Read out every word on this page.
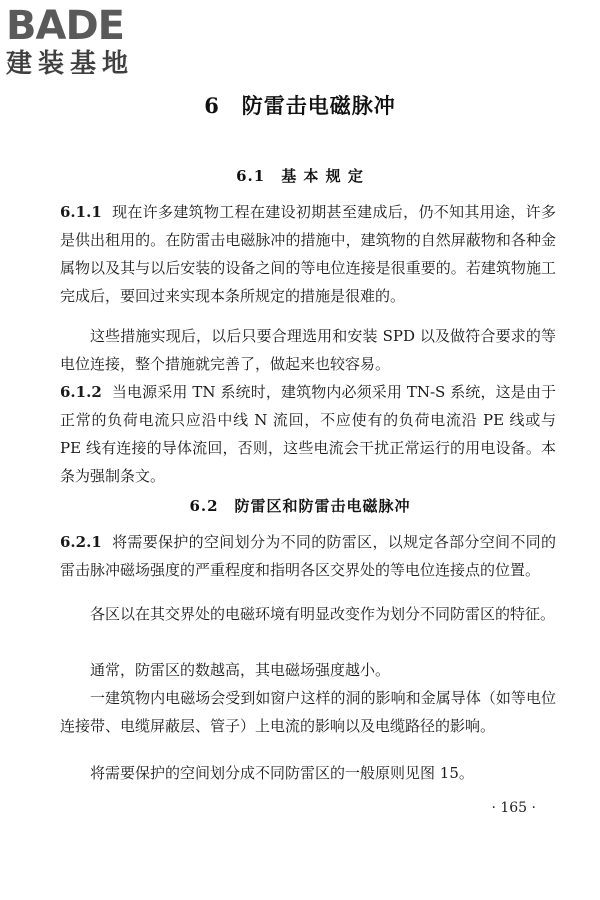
BADE
建装基地
6　防雷击电磁脉冲
6.1　基 本 规 定

6.1.1 现在许多建筑物工程在建设初期甚至建成后，仍不知其用途，许多是供出租用的。在防雷击电磁脉冲的措施中，建筑物的自然屏蔽物和各种金属物以及其与以后安装的设备之间的等电位连接是很重要的。若建筑物施工完成后，要回过来实现本条所规定的措施是很难的。

这些措施实现后，以后只要合理选用和安装 SPD 以及做符合要求的等电位连接，整个措施就完善了，做起来也较容易。

6.1.2 当电源采用 TN 系统时，建筑物内必须采用 TN-S 系统，这是由于正常的负荷电流只应沿中线 N 流回，不应使有的负荷电流沿 PE 线或与 PE 线有连接的导体流回，否则，这些电流会干扰正常运行的用电设备。本条为强制条文。

6.2　防雷区和防雷击电磁脉冲

6.2.1 将需要保护的空间划分为不同的防雷区，以规定各部分空间不同的雷击脉冲磁场强度的严重程度和指明各区交界处的等电位连接点的位置。

各区以在其交界处的电磁环境有明显改变作为划分不同防雷区的特征。

通常，防雷区的数越高，其电磁场强度越小。

一建筑物内电磁场会受到如窗户这样的洞的影响和金属导体（如等电位连接带、电缆屏蔽层、管子）上电流的影响以及电缆路径的影响。

将需要保护的空间划分成不同防雷区的一般原则见图 15。

· 165 ·
